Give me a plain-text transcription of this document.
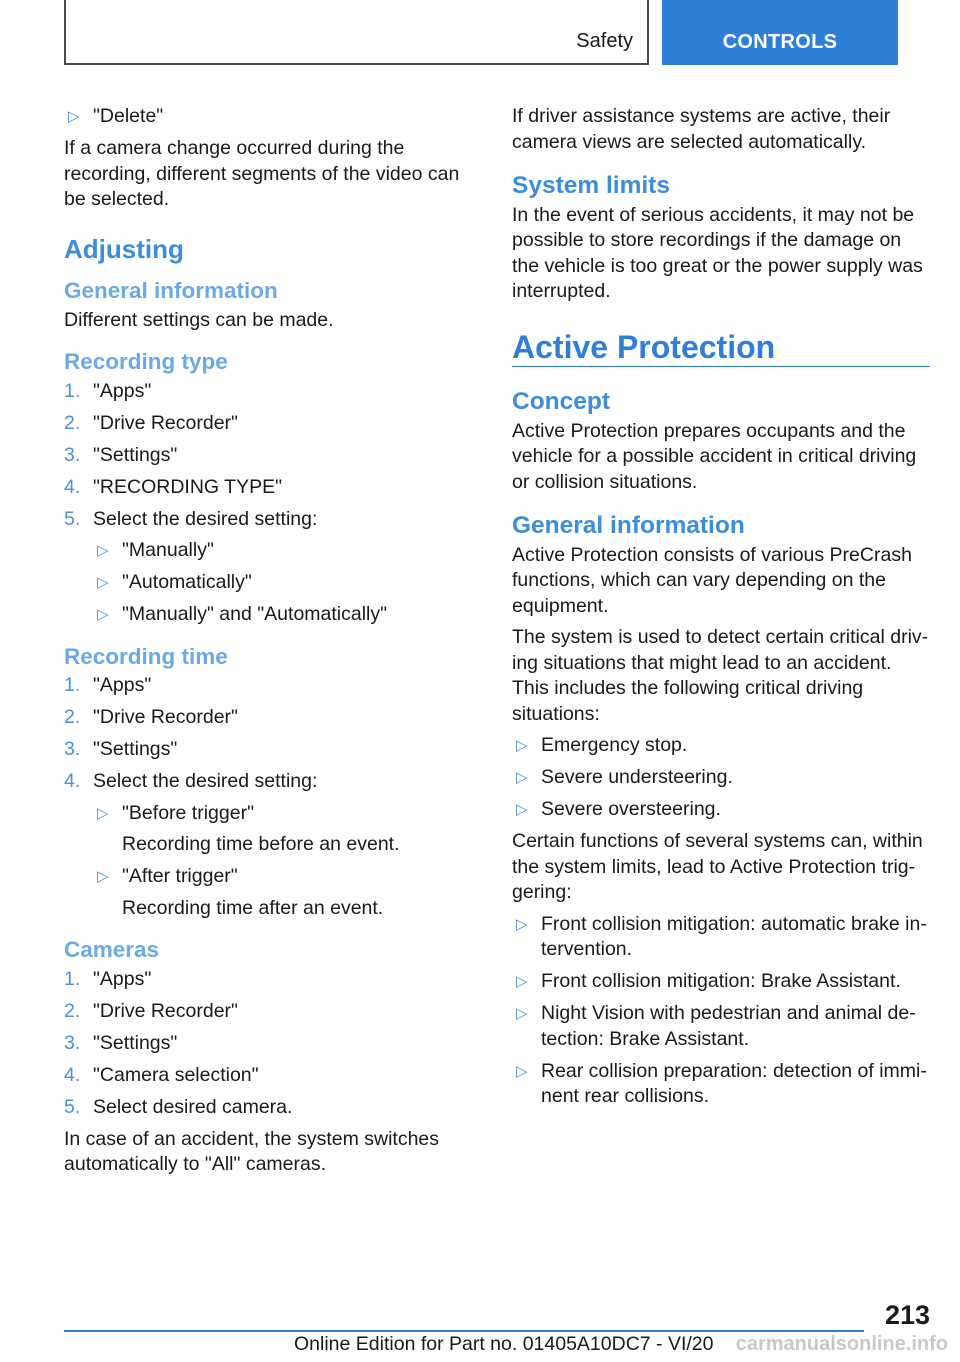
Safety	CONTROLS
▷ "Delete"

If a camera change occurred during the recording, different segments of the video can be selected.

Adjusting
General information

Different settings can be made.

Recording type
1. "Apps"
2. "Drive Recorder"
3. "Settings"
4. "RECORDING TYPE"
5. Select the desired setting:
▷ "Manually"
▷ "Automatically"
▷ "Manually" and "Automatically"
Recording time
1. "Apps"
2. "Drive Recorder"
3. "Settings"
4. Select the desired setting:
▷ "Before trigger"
Recording time before an event.
▷ "After trigger"
Recording time after an event.
Cameras
1. "Apps"
2. "Drive Recorder"
3. "Settings"
4. "Camera selection"
5. Select desired camera.

In case of an accident, the system switches automatically to "All" cameras.

If driver assistance systems are active, their camera views are selected automatically.

System limits

In the event of serious accidents, it may not be possible to store recordings if the damage on the vehicle is too great or the power supply was interrupted.

Active Protection
Concept

Active Protection prepares occupants and the vehicle for a possible accident in critical driving or collision situations.

General information

Active Protection consists of various PreCrash functions, which can vary depending on the equipment.

The system is used to detect certain critical driving situations that might lead to an accident. This includes the following critical driving situations:

▷ Emergency stop.
▷ Severe understeering.
▷ Severe oversteering.

Certain functions of several systems can, within the system limits, lead to Active Protection triggering:

▷ Front collision mitigation: automatic brake intervention.
▷ Front collision mitigation: Brake Assistant.
▷ Night Vision with pedestrian and animal detection: Brake Assistant.
▷ Rear collision preparation: detection of imminent rear collisions.
213
Online Edition for Part no. 01405A10DC7 - VI/20 carmanualsonline.info
